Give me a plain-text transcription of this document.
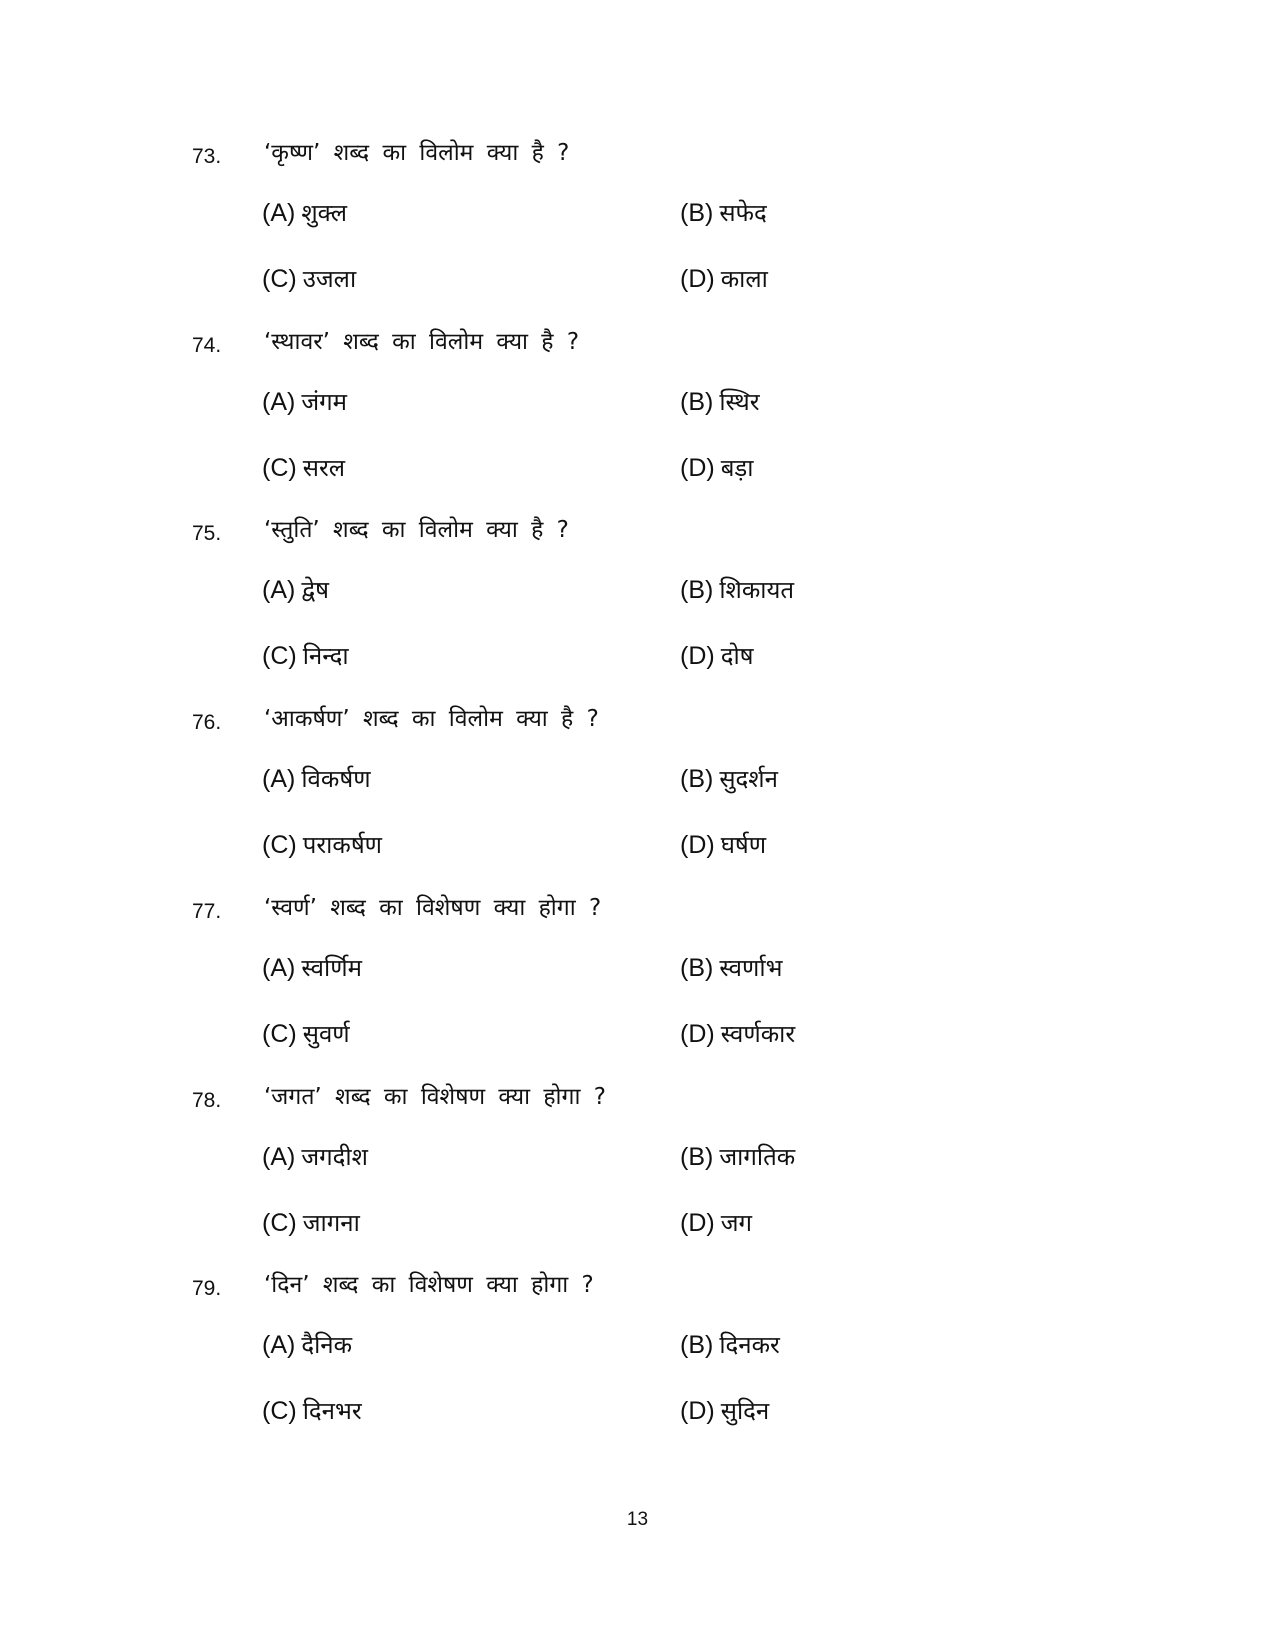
73. ‘कृष्ण’ शब्द का विलोम क्या है ?
(A) शुक्ल	(B) सफेद
(C) उजला	(D) काला
74. ‘स्थावर’ शब्द का विलोम क्या है ?
(A) जंगम	(B) स्थिर
(C) सरल	(D) बड़ा
75. ‘स्तुति’ शब्द का विलोम क्या है ?
(A) द्वेष	(B) शिकायत
(C) निन्दा	(D) दोष
76. ‘आकर्षण’ शब्द का विलोम क्या है ?
(A) विकर्षण	(B) सुदर्शन
(C) पराकर्षण	(D) घर्षण
77. ‘स्वर्ण’ शब्द का विशेषण क्या होगा ?
(A) स्वर्णिम	(B) स्वर्णाभ
(C) सुवर्ण	(D) स्वर्णकार
78. ‘जगत’ शब्द का विशेषण क्या होगा ?
(A) जगदीश	(B) जागतिक
(C) जागना	(D) जग
79. ‘दिन’ शब्द का विशेषण क्या होगा ?
(A) दैनिक	(B) दिनकर
(C) दिनभर	(D) सुदिन
13
